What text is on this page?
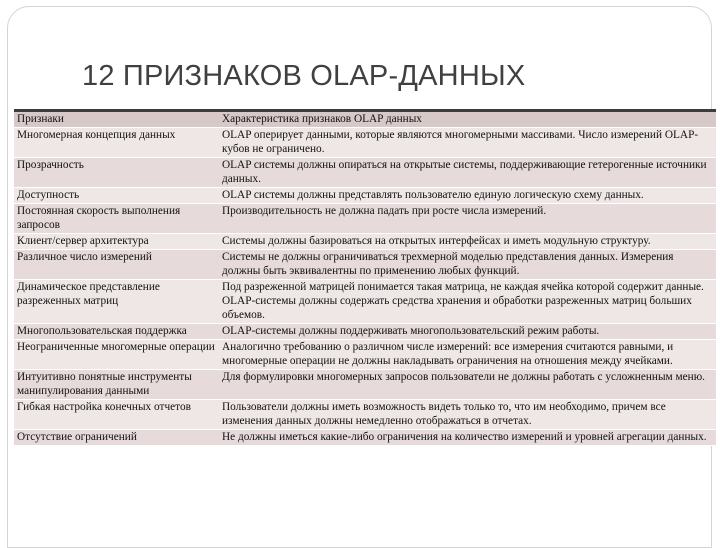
12 ПРИЗНАКОВ OLAP-ДАННЫХ
Признаки	Характеристика признаков OLAP данных
Многомерная концепция данных	OLAP оперирует данными, которые являются многомерными массивами. Число измерений OLAP-кубов не ограничено.
Прозрачность	OLAP системы должны опираться на открытые системы, поддерживающие гетерогенные источники данных.
Доступность	OLAP системы должны представлять пользователю единую логическую схему данных.
Постоянная скорость выполнения запросов	Производительность не должна падать при росте числа измерений.
Клиент/сервер архитектура	Системы должны базироваться на открытых интерфейсах и иметь модульную структуру.
Различное число измерений	Системы не должны ограничиваться трехмерной моделью представления данных. Измерения должны быть эквивалентны по применению любых функций.
Динамическое представление разреженных матриц	Под разреженной матрицей понимается такая матрица, не каждая ячейка которой содержит данные. OLAP-системы должны содержать средства хранения и обработки разреженных матриц больших объемов.
Многопользовательская поддержка	OLAP-системы должны поддерживать многопользовательский режим работы.
Неограниченные многомерные операции	Аналогично требованию о различном числе измерений: все измерения считаются равными, и многомерные операции не должны накладывать ограничения на отношения между ячейками.
Интуитивно понятные инструменты манипулирования данными	Для формулировки многомерных запросов пользователи не должны работать с усложненным меню.
Гибкая настройка конечных отчетов	Пользователи должны иметь возможность видеть только то, что им необходимо, причем все изменения данных должны немедленно отображаться в отчетах.
Отсутствие ограничений	Не должны иметься какие-либо ограничения на количество измерений и уровней агрегации данных.
